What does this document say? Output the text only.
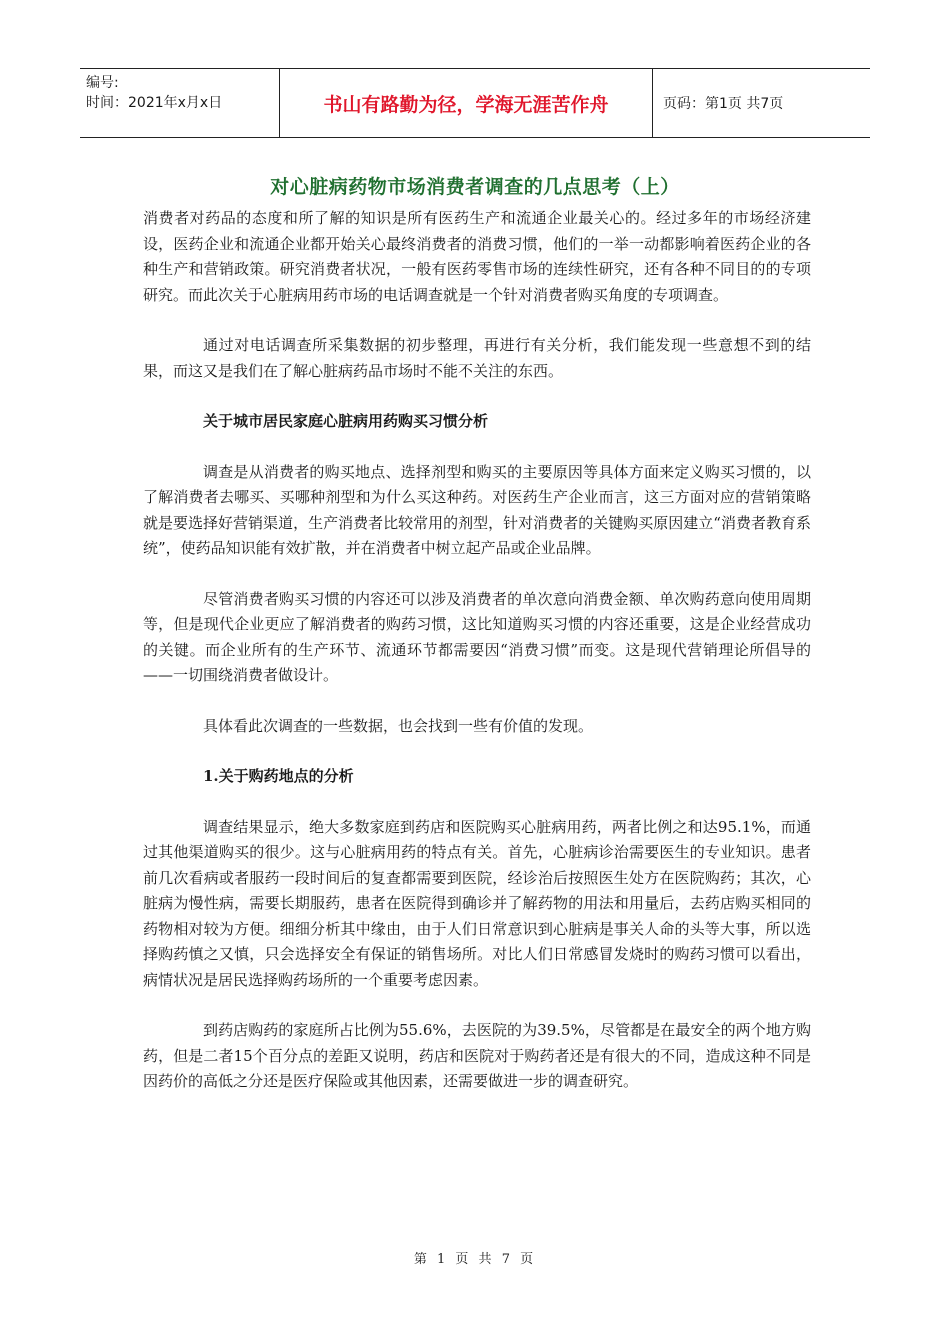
编号:
时间：2021年x月x日	书山有路勤为径，学海无涯苦作舟	页码：第1页 共7页
对心脏病药物市场消费者调查的几点思考（上）

消费者对药品的态度和所了解的知识是所有医药生产和流通企业最关心的。经过多年的市场经济建设，医药企业和流通企业都开始关心最终消费者的消费习惯，他们的一举一动都影响着医药企业的各种生产和营销政策。研究消费者状况，一般有医药零售市场的连续性研究，还有各种不同目的的专项研究。而此次关于心脏病用药市场的电话调查就是一个针对消费者购买角度的专项调查。

通过对电话调查所采集数据的初步整理，再进行有关分析，我们能发现一些意想不到的结果，而这又是我们在了解心脏病药品市场时不能不关注的东西。

关于城市居民家庭心脏病用药购买习惯分析

调查是从消费者的购买地点、选择剂型和购买的主要原因等具体方面来定义购买习惯的，以了解消费者去哪买、买哪种剂型和为什么买这种药。对医药生产企业而言，这三方面对应的营销策略就是要选择好营销渠道，生产消费者比较常用的剂型，针对消费者的关键购买原因建立“消费者教育系统”，使药品知识能有效扩散，并在消费者中树立起产品或企业品牌。

尽管消费者购买习惯的内容还可以涉及消费者的单次意向消费金额、单次购药意向使用周期等，但是现代企业更应了解消费者的购药习惯，这比知道购买习惯的内容还重要，这是企业经营成功的关键。而企业所有的生产环节、流通环节都需要因“消费习惯”而变。这是现代营销理论所倡导的——一切围绕消费者做设计。

具体看此次调查的一些数据，也会找到一些有价值的发现。

1.关于购药地点的分析

调查结果显示，绝大多数家庭到药店和医院购买心脏病用药，两者比例之和达95.1%，而通过其他渠道购买的很少。这与心脏病用药的特点有关。首先，心脏病诊治需要医生的专业知识。患者前几次看病或者服药一段时间后的复查都需要到医院，经诊治后按照医生处方在医院购药；其次，心脏病为慢性病，需要长期服药，患者在医院得到确诊并了解药物的用法和用量后，去药店购买相同的药物相对较为方便。细细分析其中缘由，由于人们日常意识到心脏病是事关人命的头等大事，所以选择购药慎之又慎，只会选择安全有保证的销售场所。对比人们日常感冒发烧时的购药习惯可以看出，病情状况是居民选择购药场所的一个重要考虑因素。

到药店购药的家庭所占比例为55.6%，去医院的为39.5%，尽管都是在最安全的两个地方购药，但是二者15个百分点的差距又说明，药店和医院对于购药者还是有很大的不同，造成这种不同是因药价的高低之分还是医疗保险或其他因素，还需要做进一步的调查研究。

第 1 页 共 7 页
